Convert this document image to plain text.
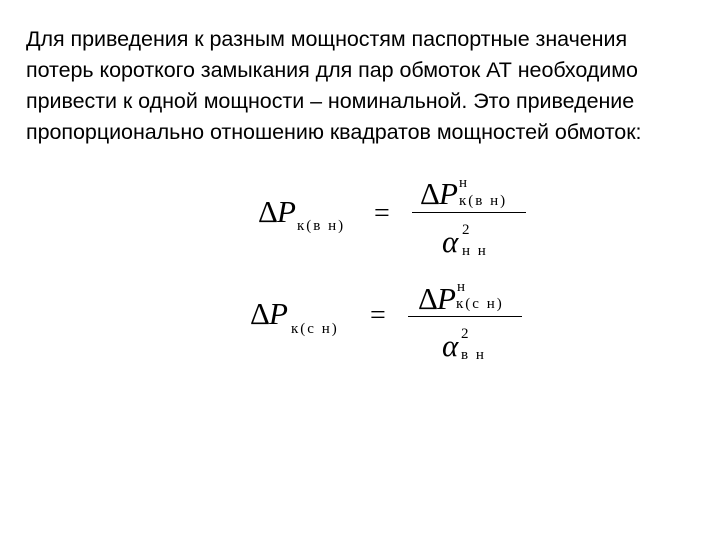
Для приведения к разным мощностям паспортные значения
потерь короткого замыкания для пар обмоток АТ необходимо
привести к одной мощности – номинальной. Это приведение
пропорционально отношению квадратов мощностей обмоток:
Δ P к(в н) =
Δ P н
к(в н)
α 2
н н
Δ P к(с н) = Δ P н
к(с н)
α 2
в н
